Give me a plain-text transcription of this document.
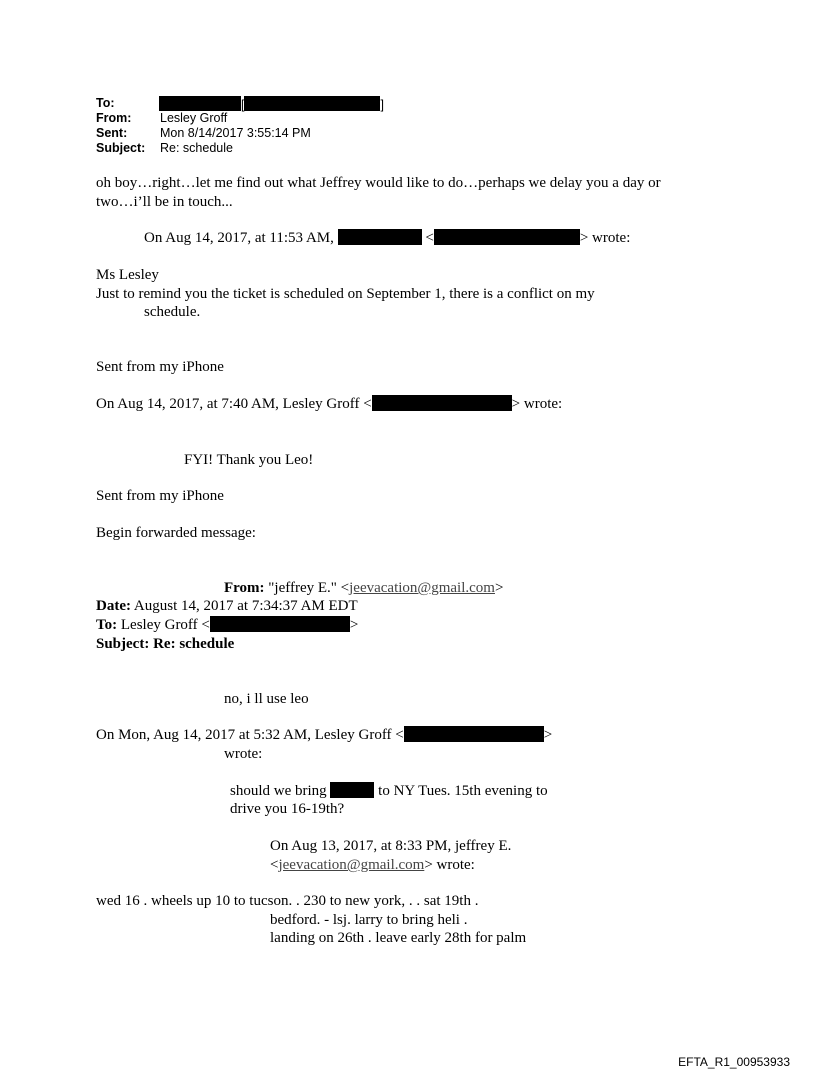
To:	[	]
From: Lesley Groff
Sent:	Mon 8/14/2017 3:55:14 PM
Subject: Re: schedule
oh boy…right…let me find out what Jeffrey would like to do…perhaps we delay you a day or
two…i’ll be in touch...
On Aug 14, 2017, at 11:53 AM,	<	> wrote:
Ms Lesley
Just to remind you the ticket is scheduled on September 1, there is a conflict on my
schedule.
Sent from my iPhone
On Aug 14, 2017, at 7:40 AM, Lesley Groff <	> wrote:
FYI! Thank you Leo!
Sent from my iPhone
Begin forwarded message:
From: "jeffrey E." <jeevacation@gmail.com>
Date: August 14, 2017 at 7:34:37 AM EDT
To: Lesley Groff <	>
Subject: Re: schedule
no, i ll use leo
On Mon, Aug 14, 2017 at 5:32 AM, Lesley Groff <	>
wrote:
should we bring	to NY Tues. 15th evening to
drive you 16-19th?
On Aug 13, 2017, at 8:33 PM, jeffrey E.
<jeevacation@gmail.com> wrote:
wed 16 . wheels up 10 to tucson. . 230 to new york, . . sat 19th .
bedford. - lsj. larry to bring heli .
landing on 26th . leave early 28th for palm
EFTA_R1_00953933
